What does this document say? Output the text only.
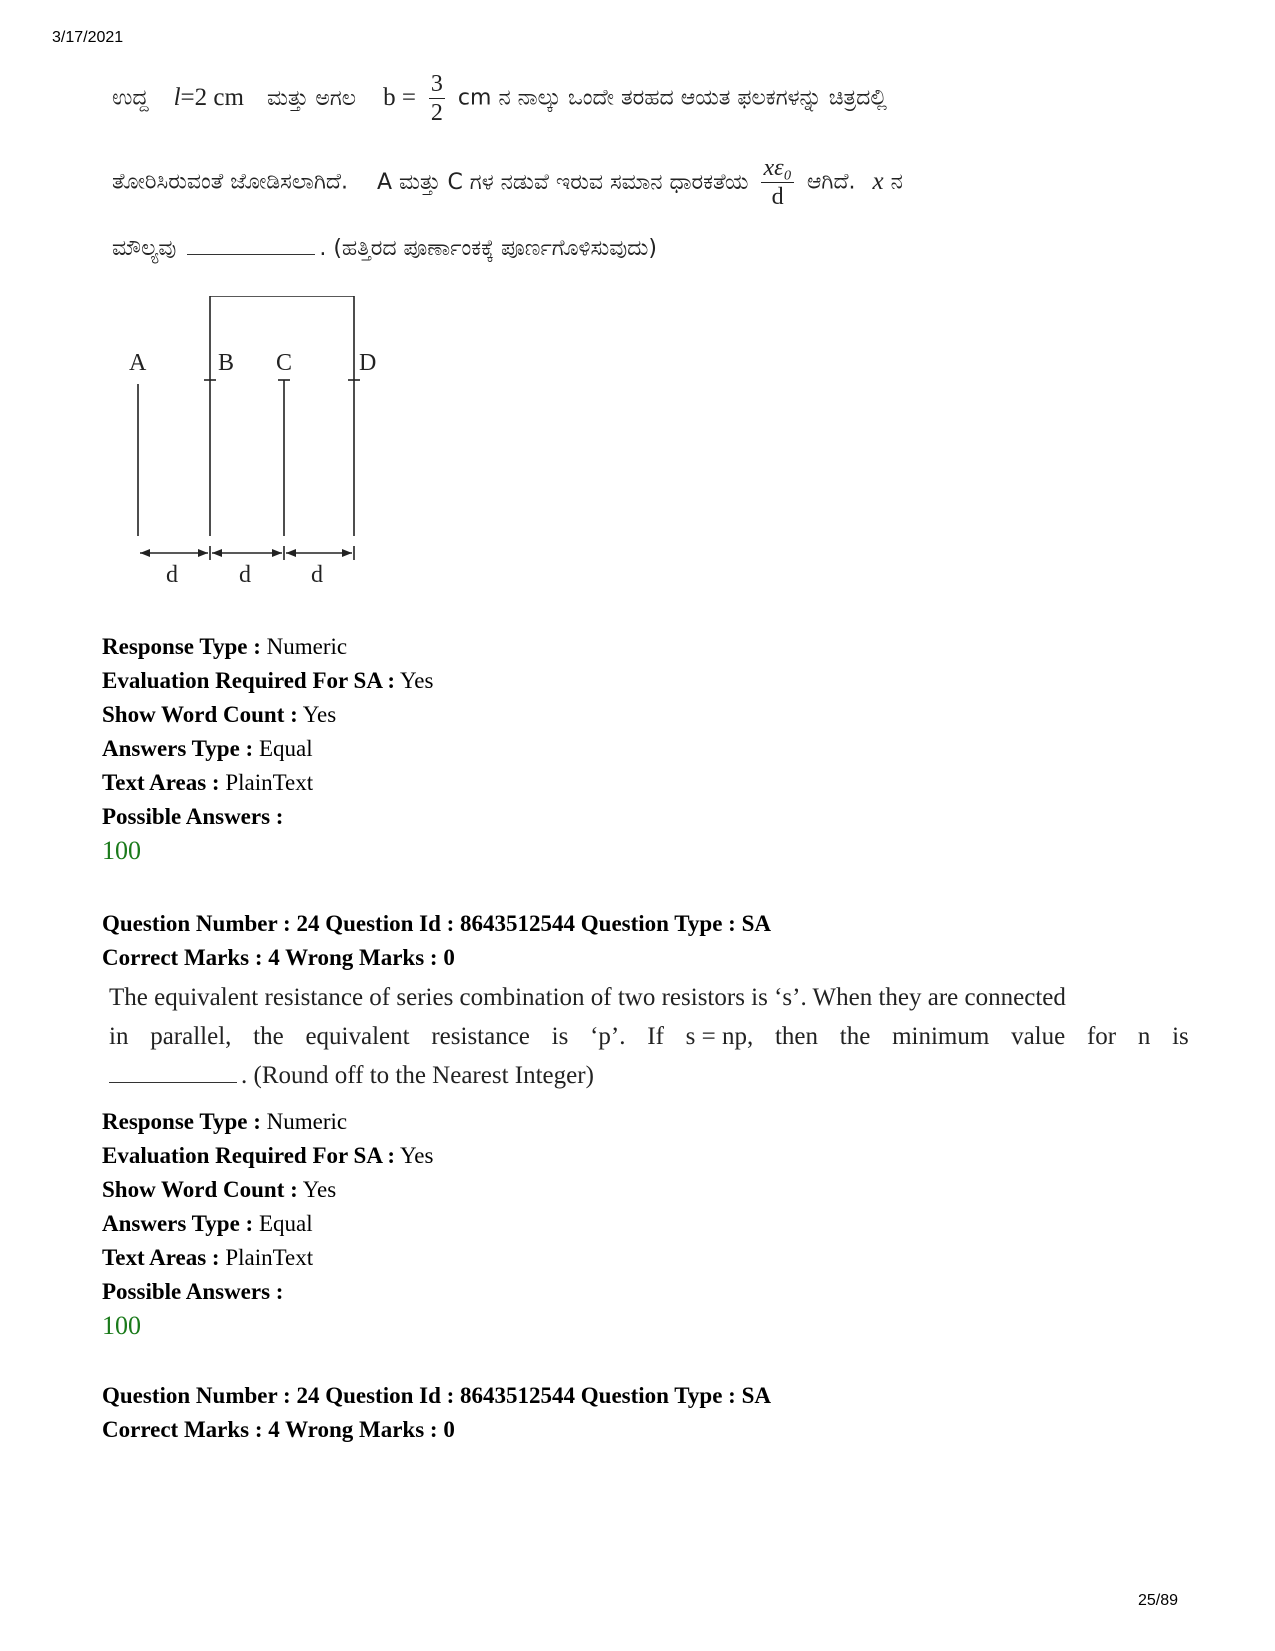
3/17/2021
ಉದ್ದ l=2 cm ಮತ್ತು ಅಗಲ $b = \frac{3}{2}$ cm ನ ನಾಲ್ಕು ಒಂದೇ ತರಹದ ಆಯತ ಫಲಕಗಳನ್ನು ಚಿತ್ರದಲ್ಲಿ
ತೋರಿಸಿರುವಂತೆ ಜೋಡಿಸಲಾಗಿದೆ. A ಮತ್ತು C ಗಳ ನಡುವೆ ಇರುವ ಸಮಾನ ಧಾರಕತೆಯ $\frac{\text{xε₀}}{d}$ ಆಗಿದೆ. x ನ
ಮೌಲ್ಯವು	. (ಹತ್ತಿರದ ಪೂರ್ಣಾಂಕಕ್ಕೆ ಪೂರ್ಣಗೊಳಿಸುವುದು)
A	B C	D
d	d	d
Response Type : Numeric
Evaluation Required For SA : Yes
Show Word Count : Yes
Answers Type : Equal
Text Areas : PlainText
Possible Answers :
100
Question Number : 24 Question Id : 8643512544 Question Type : SA
Correct Marks : 4 Wrong Marks : 0
The equivalent resistance of series combination of two resistors is ‘s’. When they are connected
in parallel, the equivalent resistance is ‘p’. If s = np, then the minimum value for n is
. (Round off to the Nearest Integer)
Response Type : Numeric
Evaluation Required For SA : Yes
Show Word Count : Yes
Answers Type : Equal
Text Areas : PlainText
Possible Answers :
100
Question Number : 24 Question Id : 8643512544 Question Type : SA
Correct Marks : 4 Wrong Marks : 0
25/89
